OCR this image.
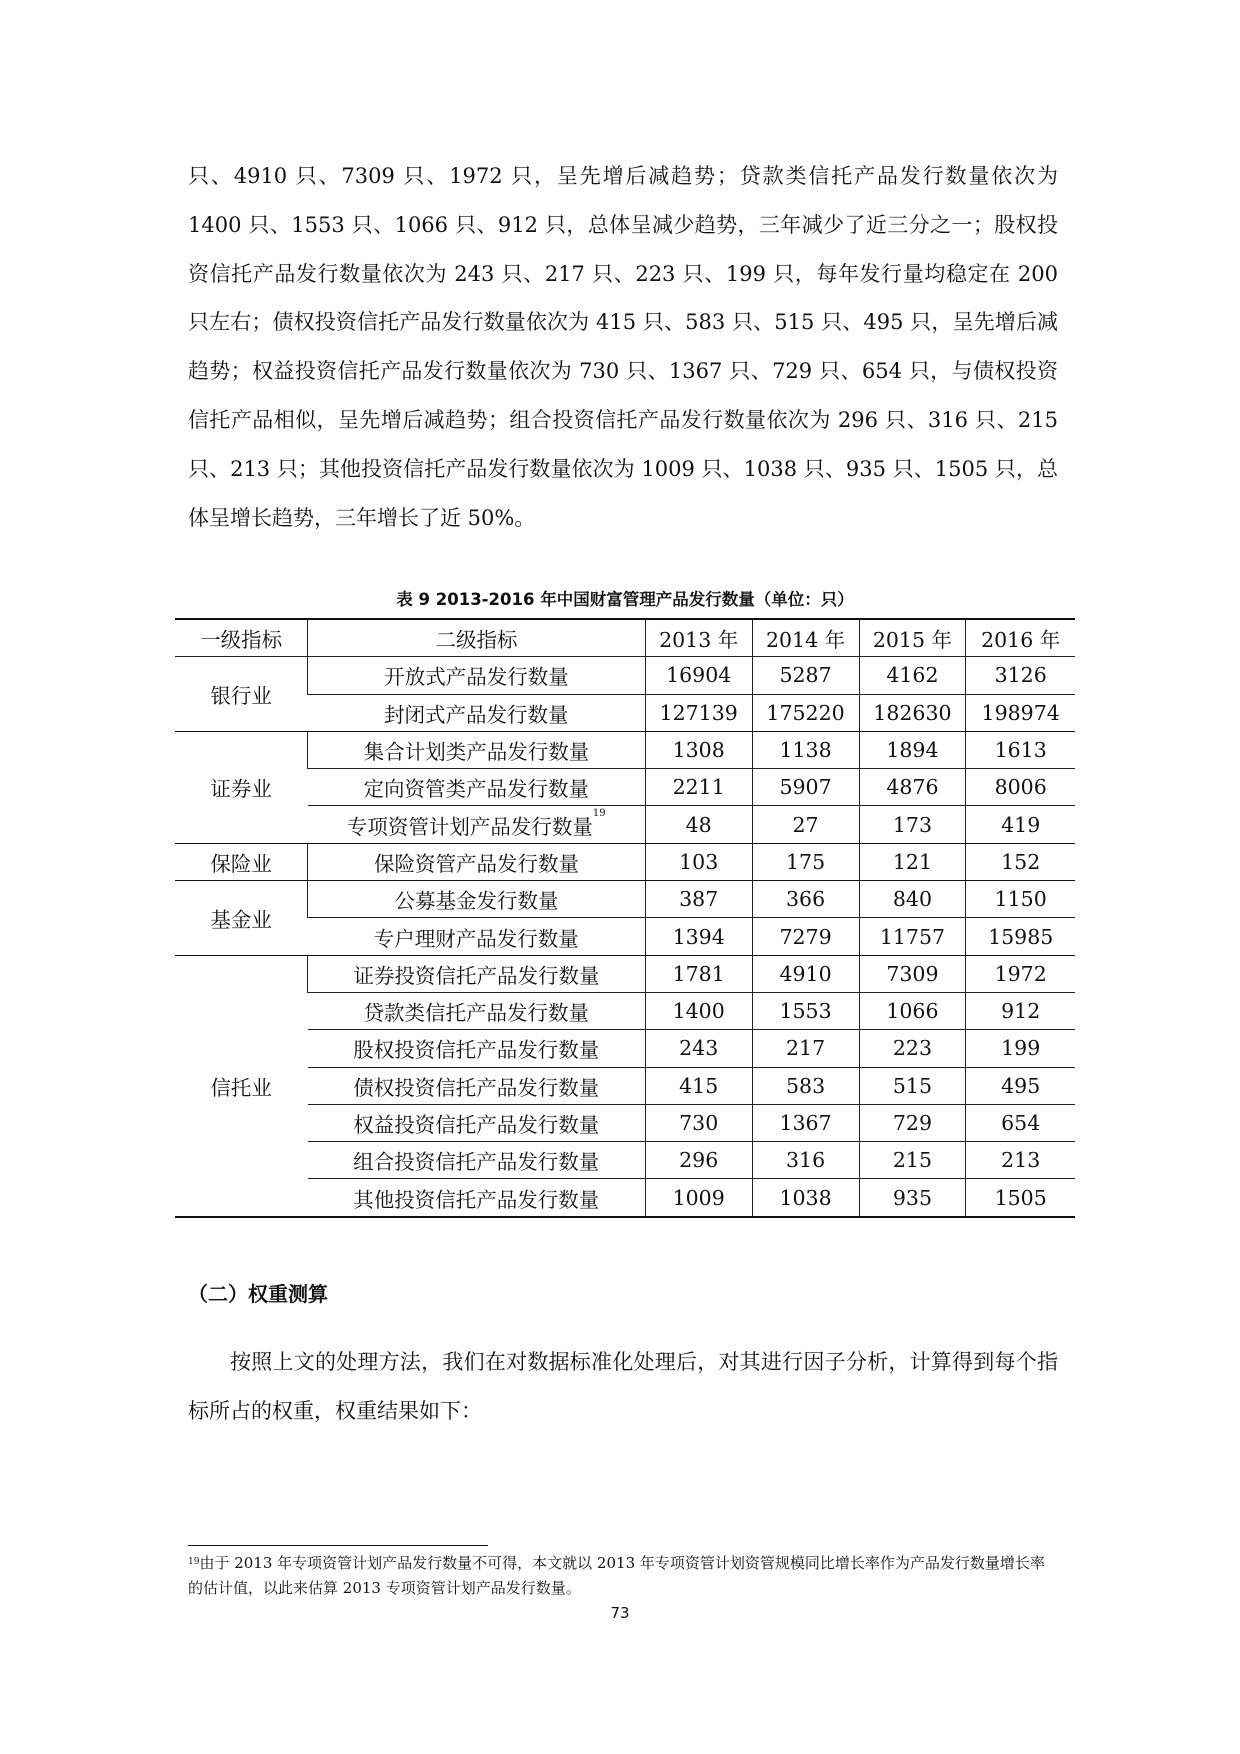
只、4910 只、7309 只、1972 只，呈先增后减趋势；贷款类信托产品发行数量依次为 1400 只、1553 只、1066 只、912 只，总体呈减少趋势，三年减少了近三分之一；股权投资信托产品发行数量依次为 243 只、217 只、223 只、199 只，每年发行量均稳定在 200 只左右；债权投资信托产品发行数量依次为 415 只、583 只、515 只、495 只，呈先增后减趋势；权益投资信托产品发行数量依次为 730 只、1367 只、729 只、654 只，与债权投资信托产品相似，呈先增后减趋势；组合投资信托产品发行数量依次为 296 只、316 只、215 只、213 只；其他投资信托产品发行数量依次为 1009 只、1038 只、935 只、1505 只，总体呈增长趋势，三年增长了近 50%。

表 9 2013-2016 年中国财富管理产品发行数量（单位：只）
一级指标	二级指标	2013 年	2014 年	2015 年	2016 年
银行业	开放式产品发行数量	16904	5287	4162	3126
	封闭式产品发行数量	127139	175220	182630	198974
证券业	集合计划类产品发行数量	1308	1138	1894	1613
	定向资管类产品发行数量	2211	5907	4876	8006
	专项资管计划产品发行数量$^{19}$	48	27	173	419
保险业	保险资管产品发行数量	103	175	121	152
基金业	公募基金发行数量	387	366	840	1150
	专户理财产品发行数量	1394	7279	11757	15985
信托业	证券投资信托产品发行数量	1781	4910	7309	1972
	贷款类信托产品发行数量	1400	1553	1066	912
	股权投资信托产品发行数量	243	217	223	199
	债权投资信托产品发行数量	415	583	515	495
	权益投资信托产品发行数量	730	1367	729	654
	组合投资信托产品发行数量	296	316	215	213
	其他投资信托产品发行数量	1009	1038	935	1505
（二）权重测算

按照上文的处理方法，我们在对数据标准化处理后，对其进行因子分析，计算得到每个指标所占的权重，权重结果如下：

$^{19}$由于 2013 年专项资管计划产品发行数量不可得，本文就以 2013 年专项资管计划资管规模同比增长率作为产品发行数量增长率的估计值，以此来估算 2013 专项资管计划产品发行数量。

73
